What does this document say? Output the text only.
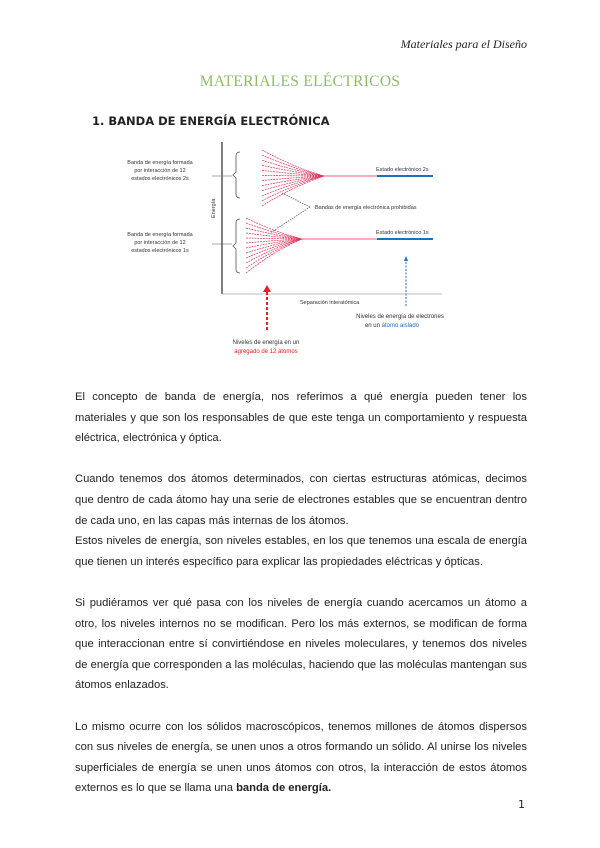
Materiales para el Diseño
MATERIALES ELÉCTRICOS
1. BANDA DE ENERGÍA ELECTRÓNICA
Banda de energía formada por interacción de 12 estados electrónicos 2s
Banda de energía formada por interacción de 12 estados electrónicos 1s
Estado electrónico 2s
Estado electrónico 1s
Bandas de energía electrónica prohibidas
Energía
Separación interatómica
Niveles de energía de electrones en un átomo aislado
Niveles de energía en un agregado de 12 átomos

El concepto de banda de energía, nos referimos a qué energía pueden tener los materiales y que son los responsables de que este tenga un comportamiento y respuesta eléctrica, electrónica y óptica.

Cuando tenemos dos átomos determinados, con ciertas estructuras atómicas, decimos que dentro de cada átomo hay una serie de electrones estables que se encuentran dentro de cada uno, en las capas más internas de los átomos.

Estos niveles de energía, son niveles estables, en los que tenemos una escala de energía que tienen un interés específico para explicar las propiedades eléctricas y ópticas.

Si pudiéramos ver qué pasa con los niveles de energía cuando acercamos un átomo a otro, los niveles internos no se modifican. Pero los más externos, se modifican de forma que interaccionan entre sí convirtiéndose en niveles moleculares, y tenemos dos niveles de energía que corresponden a las moléculas, haciendo que las moléculas mantengan sus átomos enlazados.

Lo mismo ocurre con los sólidos macroscópicos, tenemos millones de átomos dispersos con sus niveles de energía, se unen unos a otros formando un sólido. Al unirse los niveles superficiales de energía se unen unos átomos con otros, la interacción de estos átomos externos es lo que se llama una banda de energía.

1
